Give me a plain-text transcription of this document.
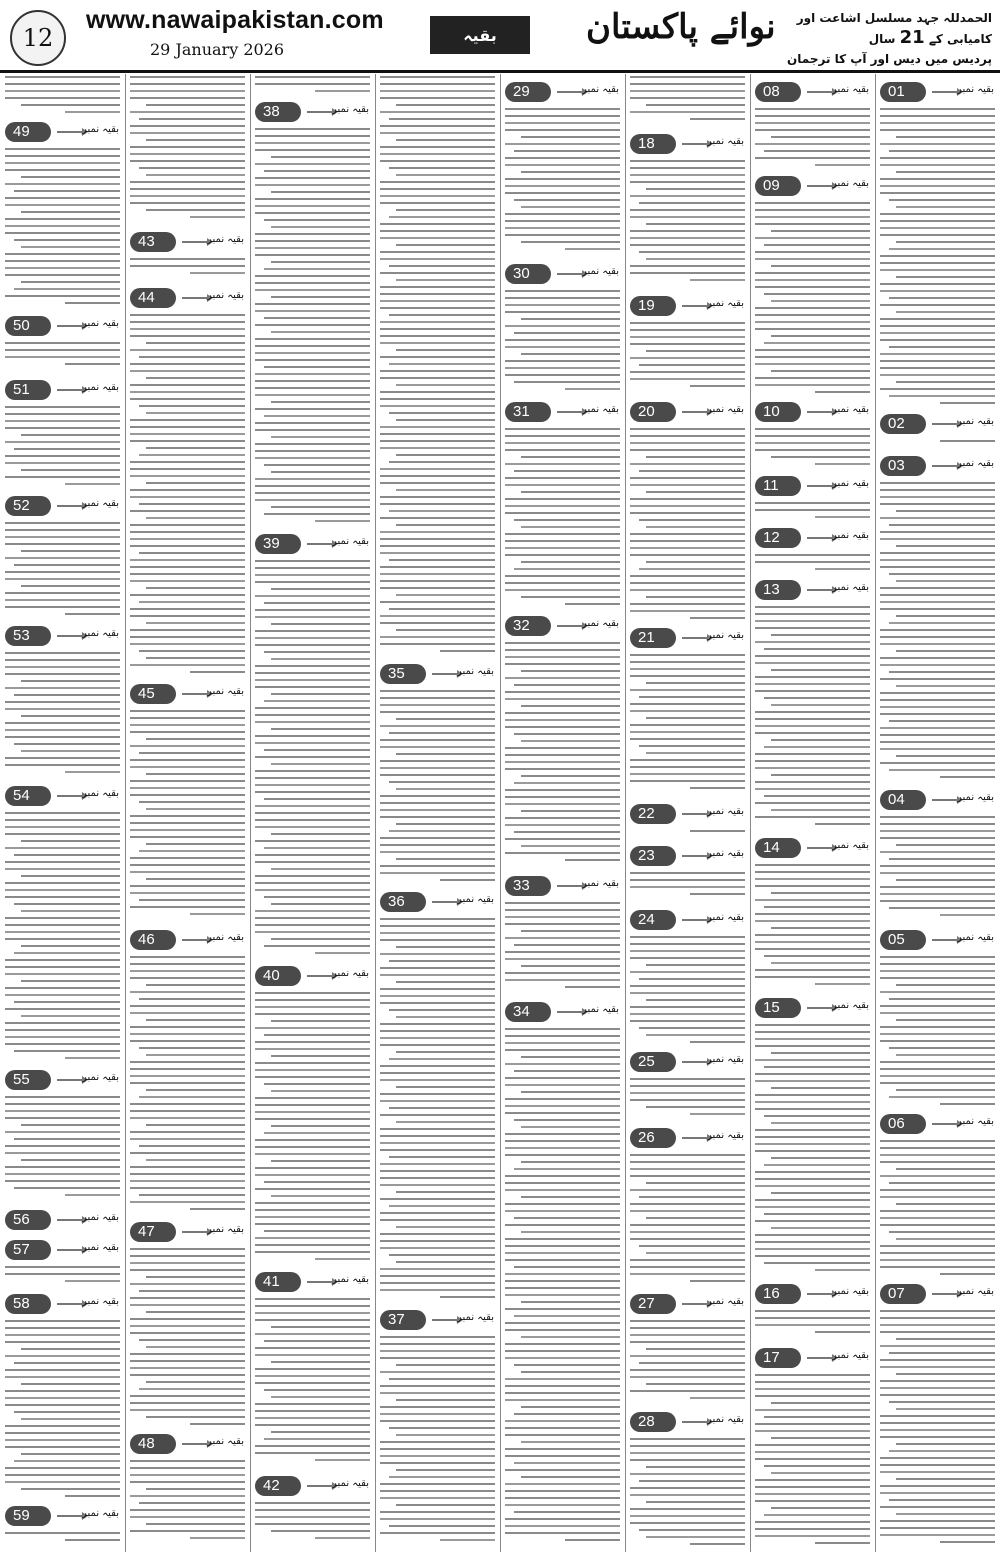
12
www.nawaipakistan.com
29 January 2026
بقیہ	نوائے پاکستان	الحمدللہ جہد مسلسل اشاعت اور کامیابی کے 21 سال
پردیس میں دیس اور آپ کا ترجمان
01	بقیہ نمبر
02	بقیہ نمبر
03	بقیہ نمبر
04	بقیہ نمبر
05	بقیہ نمبر
06	بقیہ نمبر
07	بقیہ نمبر
08	بقیہ نمبر
09	بقیہ نمبر
10	بقیہ نمبر
11	بقیہ نمبر
12	بقیہ نمبر
13	بقیہ نمبر
14	بقیہ نمبر
15	بقیہ نمبر
16	بقیہ نمبر
17	بقیہ نمبر
18	بقیہ نمبر
19	بقیہ نمبر
20	بقیہ نمبر
21	بقیہ نمبر
22	بقیہ نمبر
23	بقیہ نمبر
24	بقیہ نمبر
25	بقیہ نمبر
26	بقیہ نمبر
27	بقیہ نمبر
28	بقیہ نمبر
29	بقیہ نمبر
30	بقیہ نمبر
31	بقیہ نمبر
32	بقیہ نمبر
33	بقیہ نمبر
34	بقیہ نمبر
35	بقیہ نمبر
36	بقیہ نمبر
37	بقیہ نمبر
38	بقیہ نمبر
39	بقیہ نمبر
40	بقیہ نمبر
41	بقیہ نمبر
42	بقیہ نمبر
43	بقیہ نمبر
44	بقیہ نمبر
45	بقیہ نمبر
46	بقیہ نمبر
47	بقیہ نمبر
48	بقیہ نمبر
49	بقیہ نمبر
50	بقیہ نمبر
51	بقیہ نمبر
52	بقیہ نمبر
53	بقیہ نمبر
54	بقیہ نمبر
55	بقیہ نمبر
56	بقیہ نمبر
57	بقیہ نمبر
58	بقیہ نمبر
59	بقیہ نمبر
